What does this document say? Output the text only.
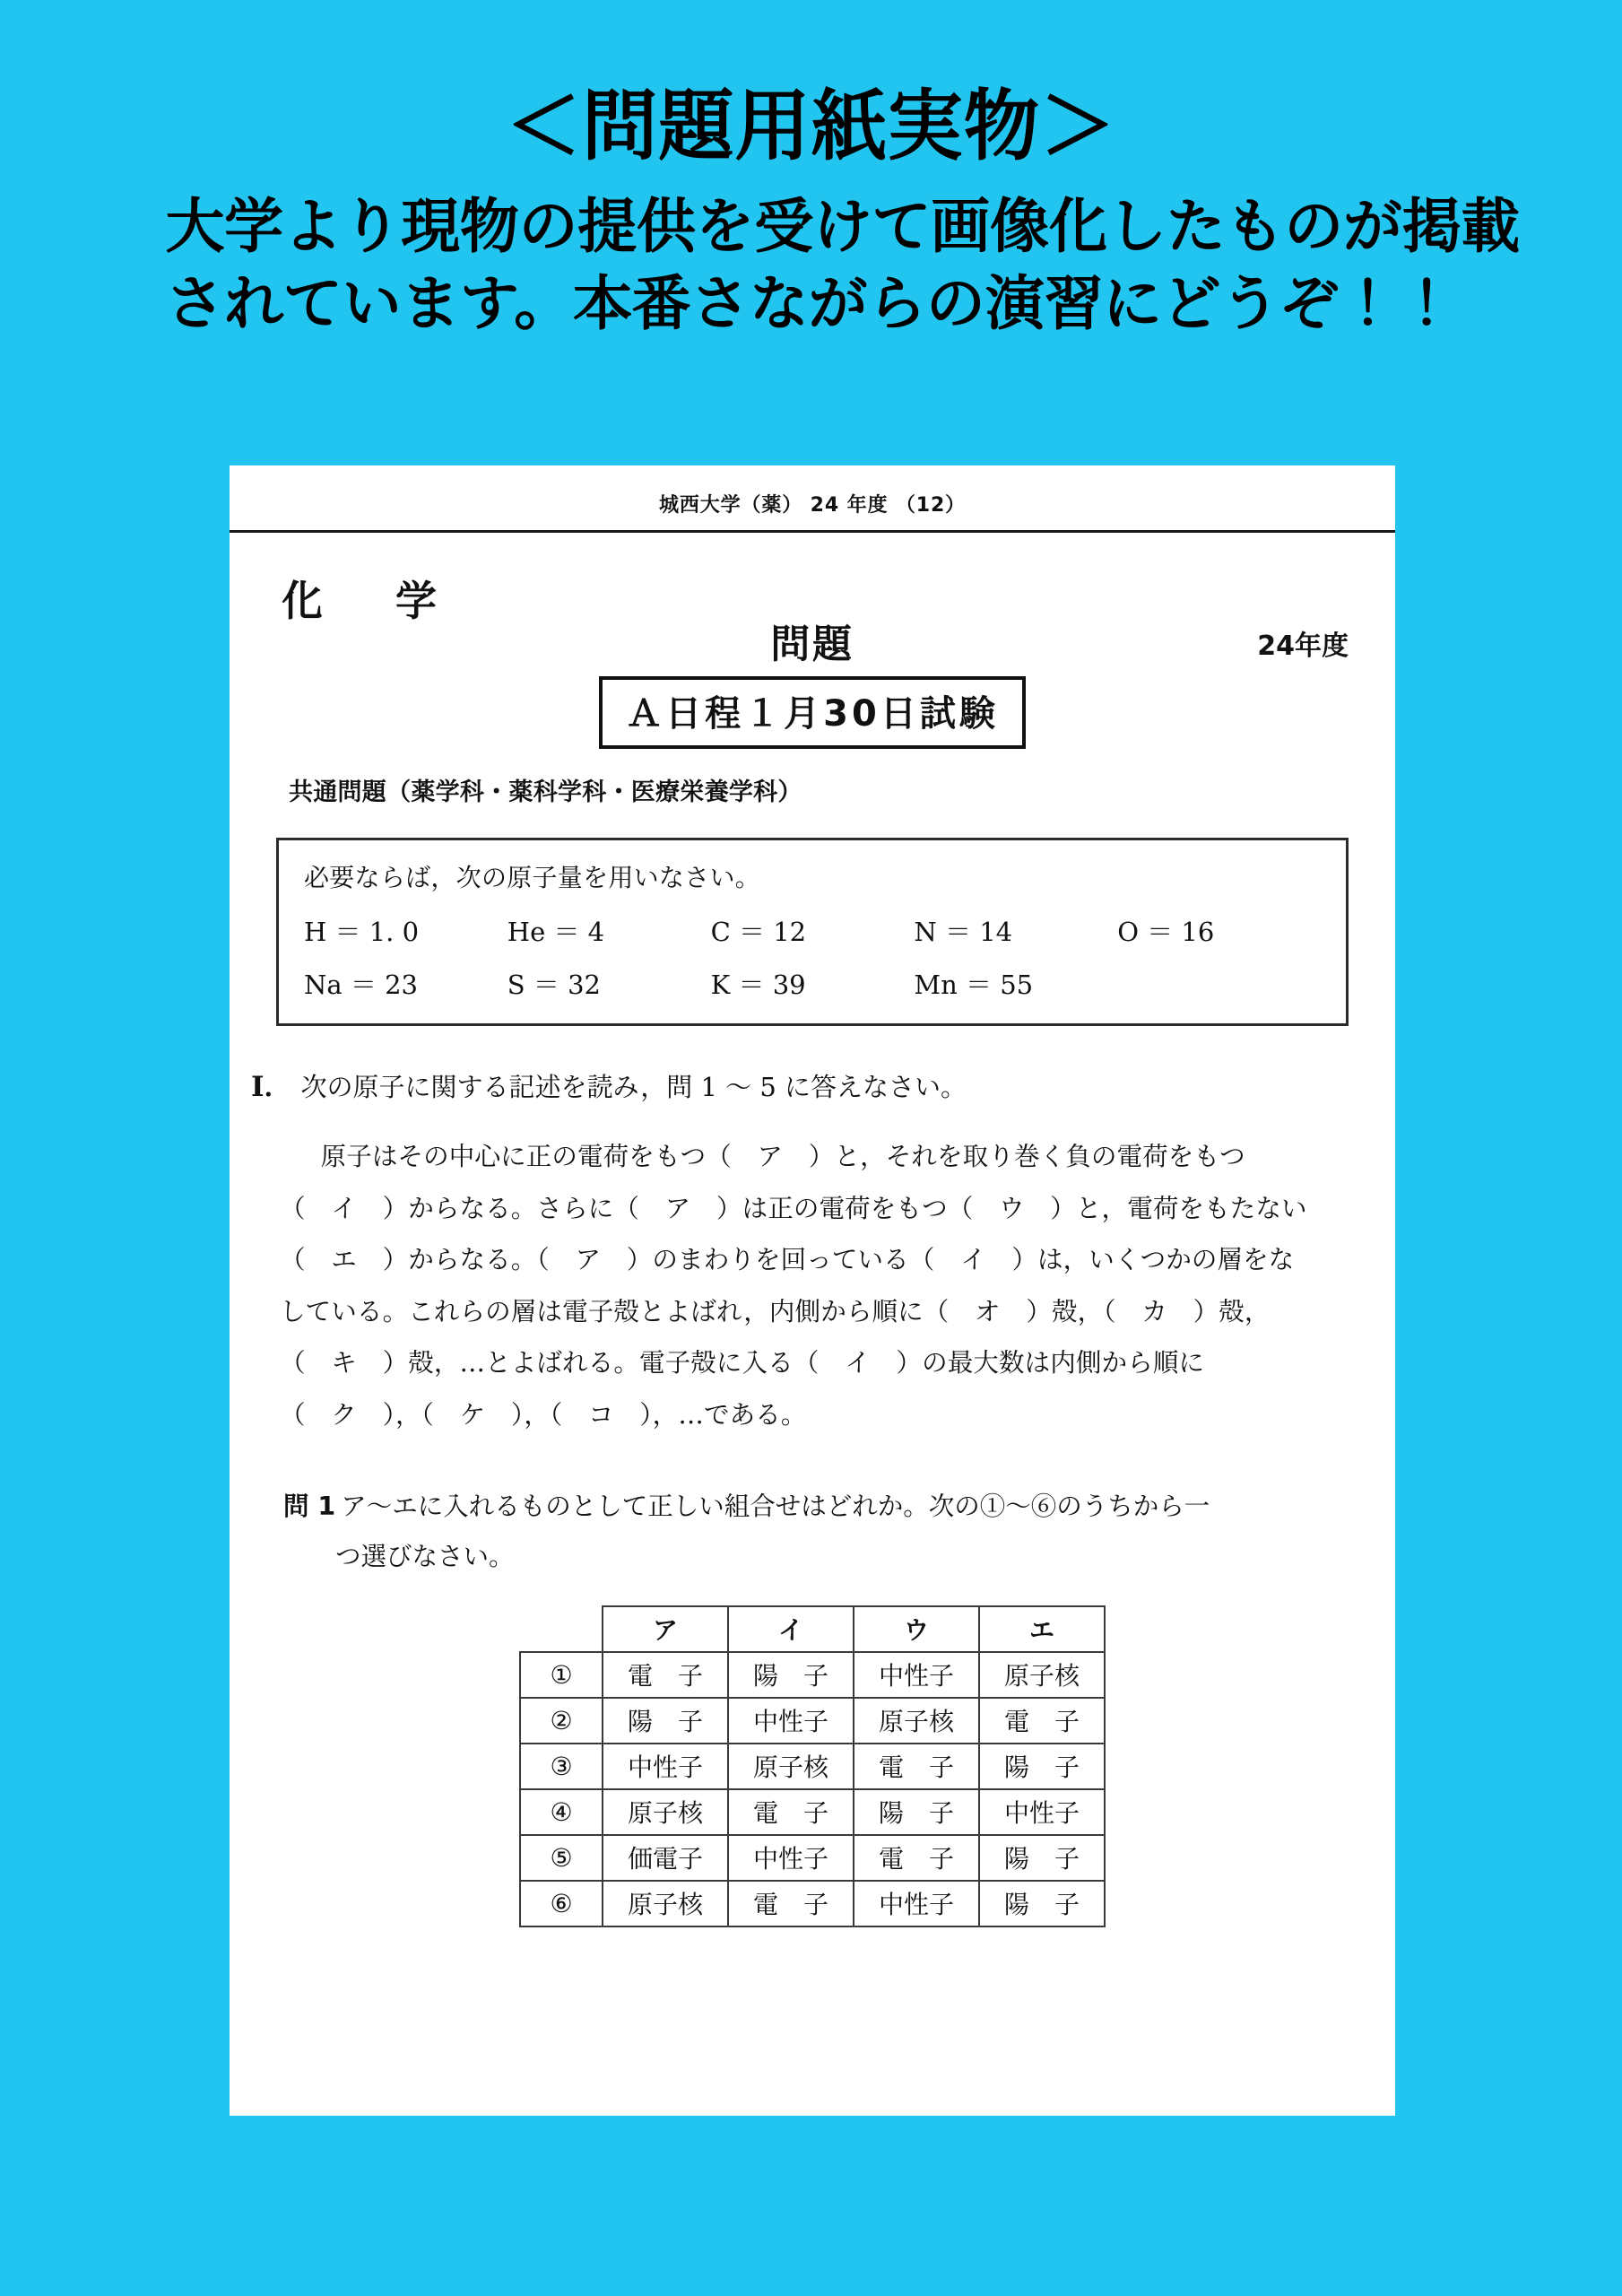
＜問題用紙実物＞
大学より現物の提供を受けて画像化したものが掲載
されています。本番さながらの演習にどうぞ！！
城西大学（薬） 24 年度 （12）
化　学
問題	24年度
Ａ日程１月30日試験
共通問題（薬学科・薬科学科・医療栄養学科）
必要ならば，次の原子量を用いなさい。
H ＝ 1. 0	He ＝ 4	C ＝ 12	N ＝ 14	O ＝ 16
Na ＝ 23	S ＝ 32	K ＝ 39	Mn ＝ 55
Ⅰ． 次の原子に関する記述を読み，問 1 〜 5 に答えなさい。
原子はその中心に正の電荷をもつ（　ア　）と，それを取り巻く負の電荷をもつ
（　イ　）からなる。さらに（　ア　）は正の電荷をもつ（　ウ　）と，電荷をもたない
（　エ　）からなる。（　ア　）のまわりを回っている（　イ　）は，いくつかの層をな
している。これらの層は電子殻とよばれ，内側から順に（　オ　）殻，（　カ　）殻，
（　キ　）殻，…とよばれる。電子殻に入る（　イ　）の最大数は内側から順に
（　ク　），（　ケ　），（　コ　），…である。
問 1 ア〜エに入れるものとして正しい組合せはどれか。次の①〜⑥のうちから一
つ選びなさい。
	ア	イ	ウ	エ
①	電　子	陽　子	中性子	原子核
②	陽　子	中性子	原子核	電　子
③	中性子	原子核	電　子	陽　子
④	原子核	電　子	陽　子	中性子
⑤	価電子	中性子	電　子	陽　子
⑥	原子核	電　子	中性子	陽　子
